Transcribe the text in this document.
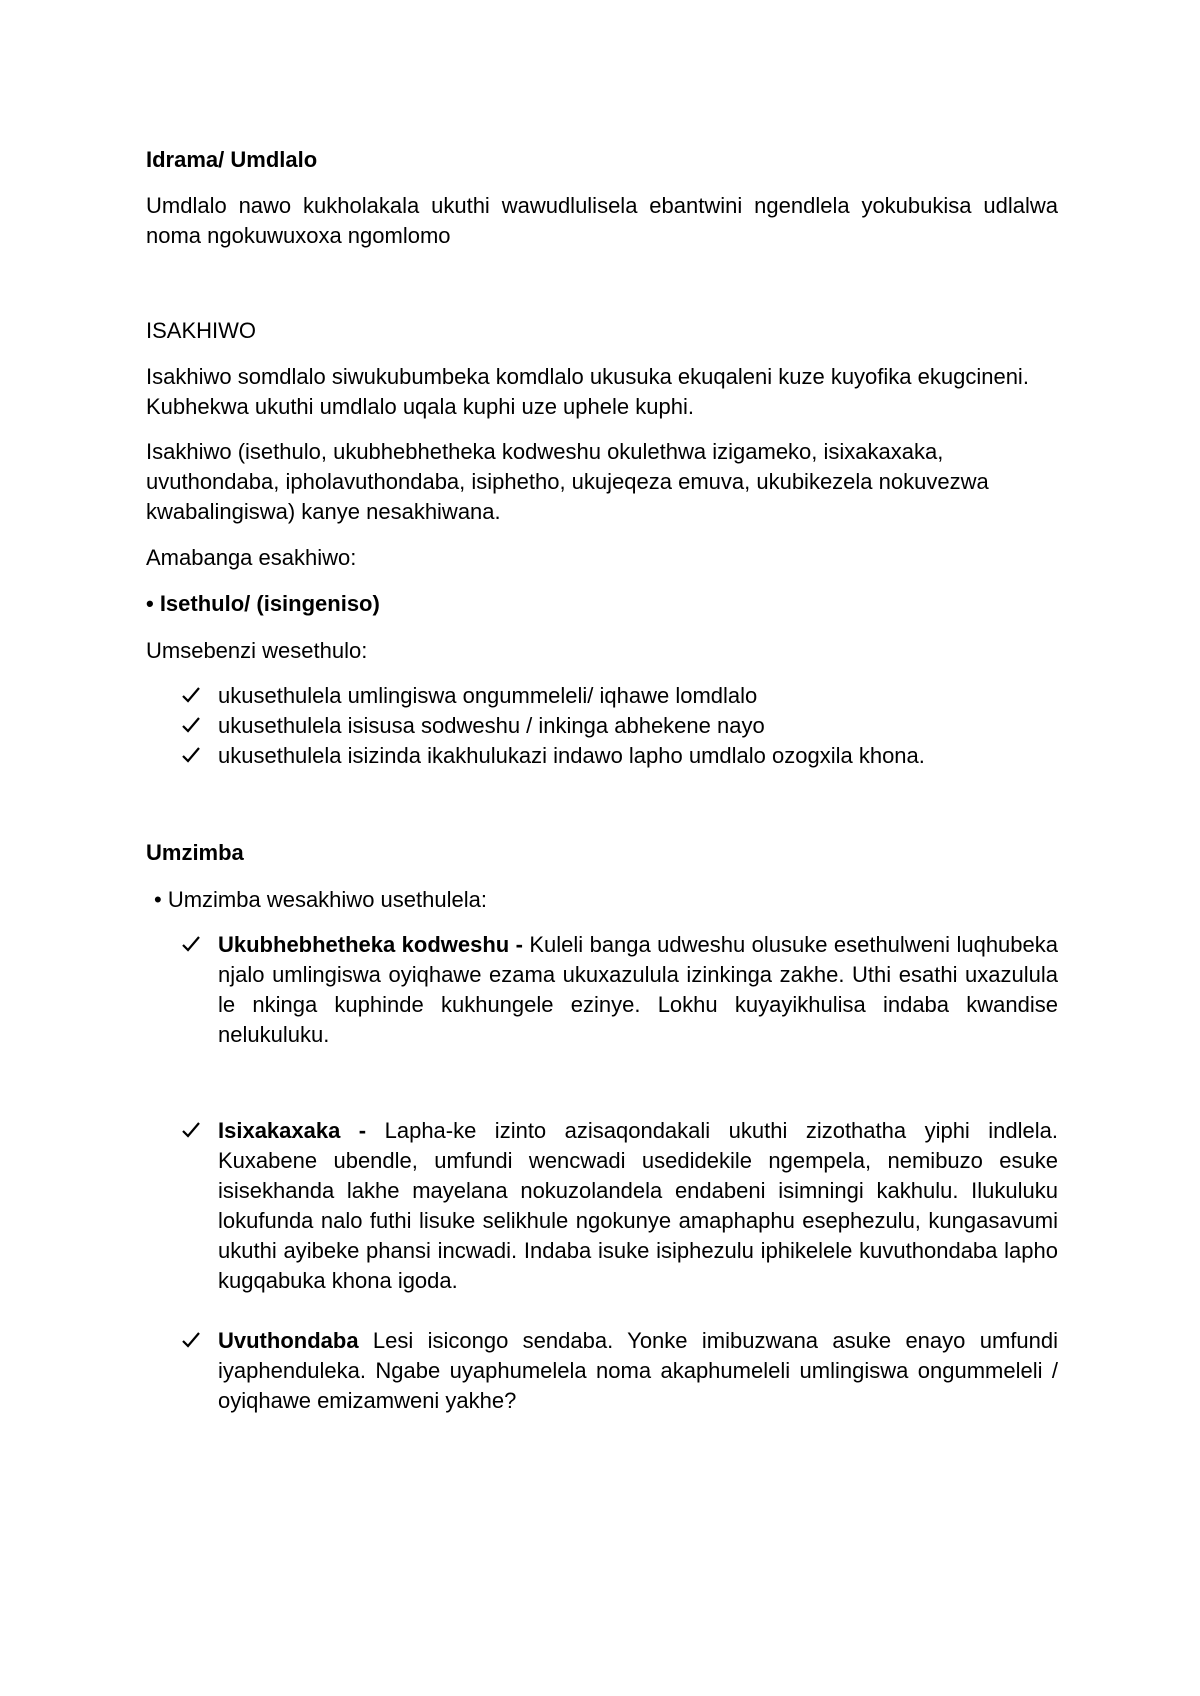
Idrama/ Umdlalo

Umdlalo nawo kukholakala ukuthi wawudlulisela ebantwini ngendlela yokubukisa udlalwa noma ngokuwuxoxa ngomlomo

ISAKHIWO

Isakhiwo somdlalo siwukubumbeka komdlalo ukusuka ekuqaleni kuze kuyofika ekugcineni. Kubhekwa ukuthi umdlalo uqala kuphi uze uphele kuphi.

Isakhiwo (isethulo, ukubhebhetheka kodweshu okulethwa izigameko, isixakaxaka, uvuthondaba, ipholavuthondaba, isiphetho, ukujeqeza emuva, ukubikezela nokuvezwa kwabalingiswa) kanye nesakhiwana.

Amabanga esakhiwo:

• Isethulo/ (isingeniso)

Umsebenzi wesethulo:

ukusethulela umlingiswa ongummeleli/ iqhawe lomdlalo
ukusethulela isisusa sodweshu / inkinga abhekene nayo
ukusethulela isizinda ikakhulukazi indawo lapho umdlalo ozogxila khona.

Umzimba

• Umzimba wesakhiwo usethulela:

Ukubhebhetheka kodweshu - Kuleli banga udweshu olusuke esethulweni luqhubeka njalo umlingiswa oyiqhawe ezama ukuxazulula izinkinga zakhe. Uthi esathi uxazulula le nkinga kuphinde kukhungele ezinye. Lokhu kuyayikhulisa indaba kwandise nelukuluku.
Isixakaxaka - Lapha-ke izinto azisaqondakali ukuthi zizothatha yiphi indlela. Kuxabene ubendle, umfundi wencwadi usedidekile ngempela, nemibuzo esuke isisekhanda lakhe mayelana nokuzolandela endabeni isimningi kakhulu. Ilukuluku lokufunda nalo futhi lisuke selikhule ngokunye amaphaphu esephezulu, kungasavumi ukuthi ayibeke phansi incwadi. Indaba isuke isiphezulu iphikelele kuvuthondaba lapho kugqabuka khona igoda.
Uvuthondaba Lesi isicongo sendaba. Yonke imibuzwana asuke enayo umfundi iyaphenduleka. Ngabe uyaphumelela noma akaphumeleli umlingiswa ongummeleli / oyiqhawe emizamweni yakhe?
